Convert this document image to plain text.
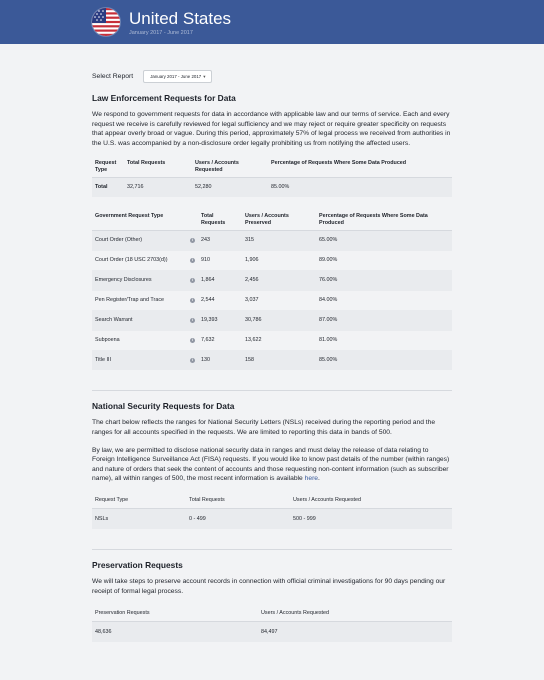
United States
January 2017 - June 2017
Select Report	January 2017 - June 2017 ▾
Law Enforcement Requests for Data

We respond to government requests for data in accordance with applicable law and our terms of service. Each and every request we receive is carefully reviewed for legal sufficiency and we may reject or require greater specificity on requests that appear overly broad or vague. During this period, approximately 57% of legal process we received from authorities in the U.S. was accompanied by a non-disclosure order legally prohibiting us from notifying the affected users.

Request Type	Total Requests	Users / Accounts Requested	Percentage of Requests Where Some Data Produced
Total	32,716	52,280	85.00%
Government Request Type	Total Requests	Users / Accounts Preserved	Percentage of Requests Where Some Data Produced

Court Order (Other) i	243	315	65.00%

Court Order (18 USC 2703(d)) i	910	1,906	89.00%

Emergency Disclosures i	1,864	2,456	76.00%

Pen Register/Trap and Trace i	2,544	3,037	84.00%

Search Warrant i	19,393	30,786	87.00%

Subpoena i	7,632	13,622	81.00%

Title III i	130	158	85.00%
National Security Requests for Data

The chart below reflects the ranges for National Security Letters (NSLs) received during the reporting period and the ranges for all accounts specified in the requests. We are limited to reporting this data in bands of 500.

By law, we are permitted to disclose national security data in ranges and must delay the release of data relating to Foreign Intelligence Surveillance Act (FISA) requests. If you would like to know past details of the number (within ranges) and nature of orders that seek the content of accounts and those requesting non-content information (such as subscriber name), all within ranges of 500, the most recent information is available here.

Request Type	Total Requests	Users / Accounts Requested
NSLs	0 - 499	500 - 999
Preservation Requests

We will take steps to preserve account records in connection with official criminal investigations for 90 days pending our receipt of formal legal process.

Preservation Requests	Users / Accounts Requested
48,636	84,497
